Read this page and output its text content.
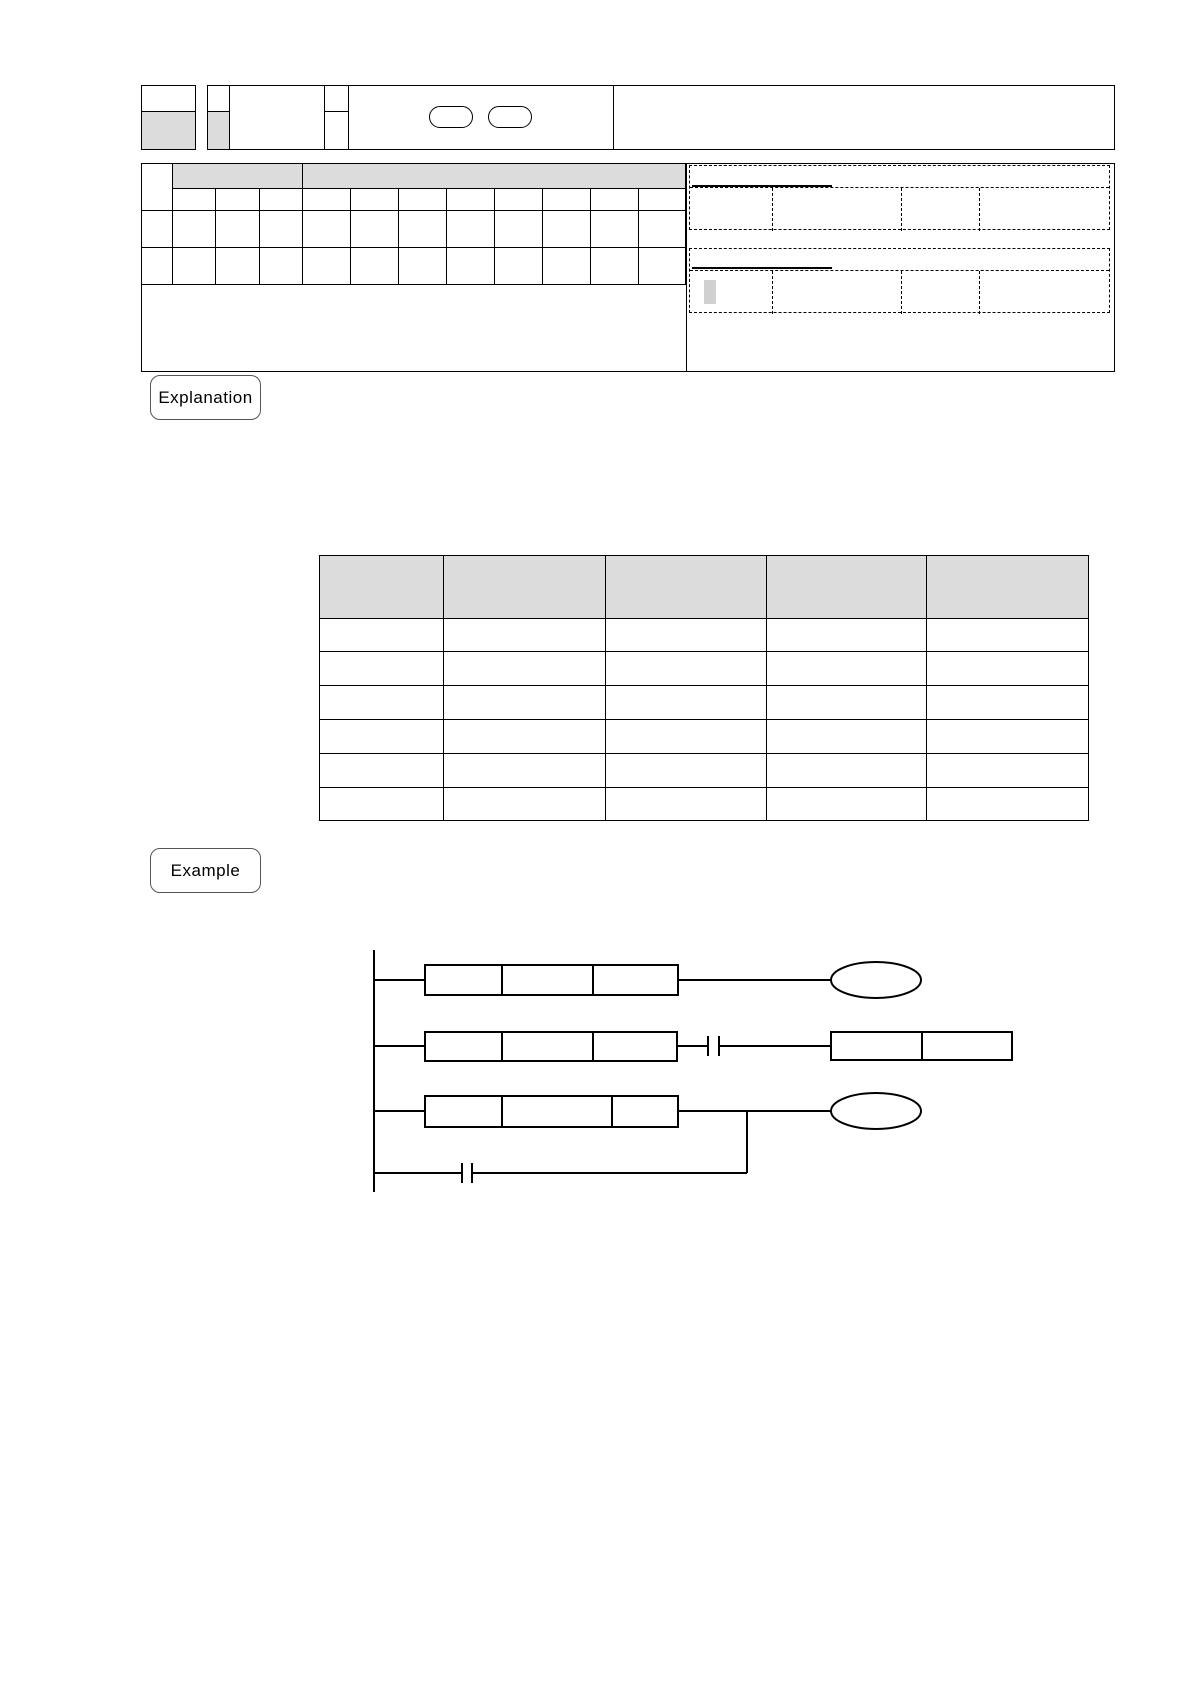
Explanation

Example
